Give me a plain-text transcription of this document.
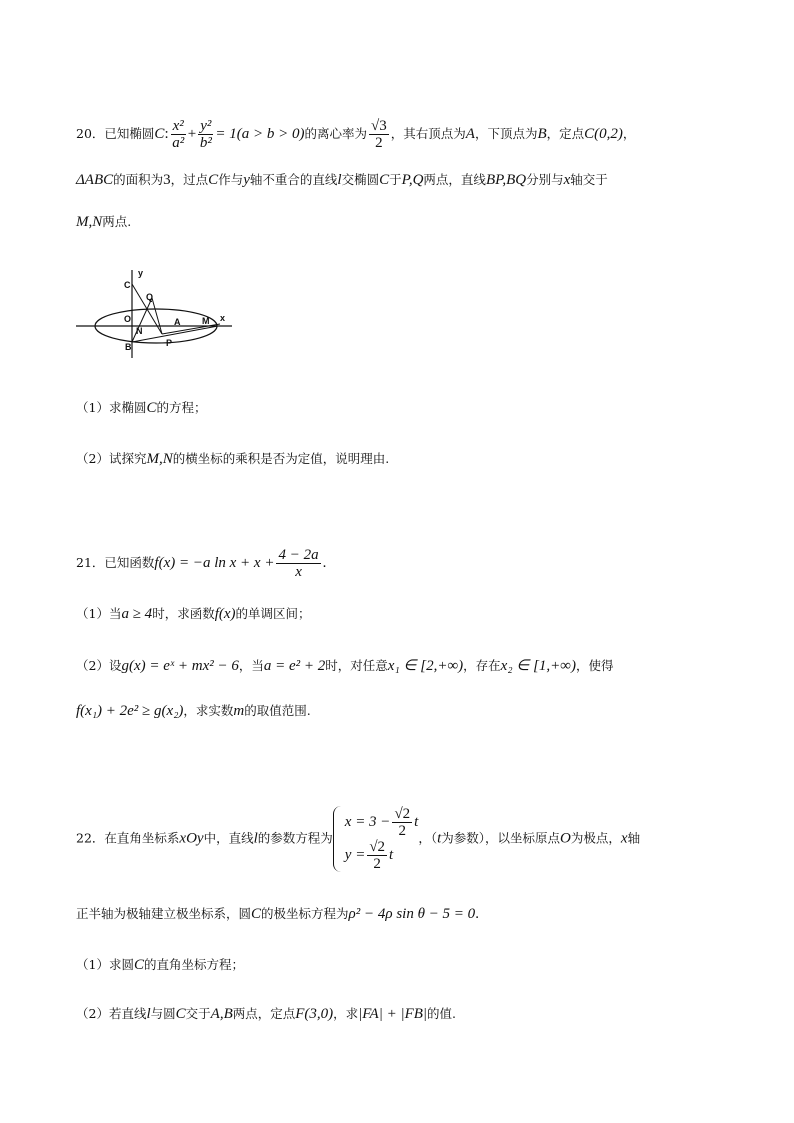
20．已知椭圆C: $\frac{\text{x²}}{\text{a²}} + \frac{\text{y²}}{\text{b²}} = 1(a > b > 0)$的离心率为 $\frac{√3}{2}$ ，其右顶点为A，下顶点为B，定点C(0,2)，
ΔABC的面积为3，过点C作与y轴不重合的直线l交椭圆C于P,Q两点，直线BP,BQ分别与x轴交于
M,N两点.
y
C
Q
O
N
A M x
B	P
（1）求椭圆C的方程；
（2）试探究M,N的横坐标的乘积是否为定值，说明理由.
21．已知函数f(x) = −a $\ln x + x + \frac{4 - 2a}{x}$ .
（1）当a ≥ 4时，求函数f(x)的单调区间；
（2）设g(x) = eˣ + mx² − 6，当a = e² + 2时，对任意x₁ ∈ [2,+∞)，存在x₂ ∈ [1,+∞)，使得
f(x₁) + 2e² ≥ g(x₂)，求实数m的取值范围.
22．在直角坐标系xOy中，直线l的参数方程为
$x = 3 - \frac{√2}{2}$ t
$y = \frac{√2}{2}$ t
，（t为参数），以坐标原点O为极点，x轴
正半轴为极轴建立极坐标系，圆C的极坐标方程为ρ² − 4ρ sin θ − 5 = 0.
（1）求圆C的直角坐标方程；
（2）若直线l与圆C交于A,B两点，定点F(3,0)，求|FA| + |FB|的值.
